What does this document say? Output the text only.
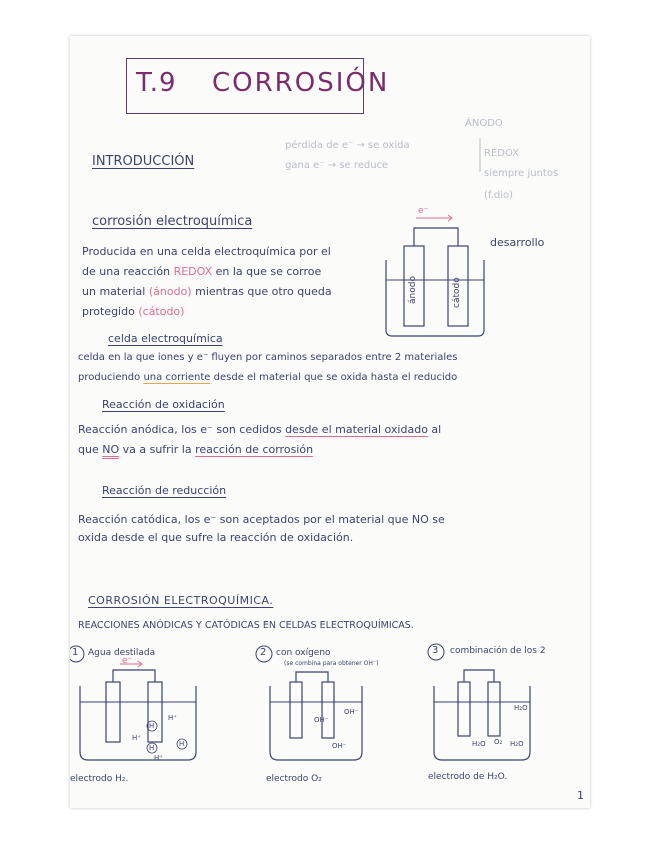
T.9 CORROSIÓN
ÁNODO
pérdida de e⁻ → se oxida
gana e⁻ → se reduce
REDOX
siempre juntos
(f.dio)
INTRODUCCIÓN
corrosión electroquímica
Producida en una celda electroquímica por el
de una reacción REDOX en la que se corroe
un material (ánodo) mientras que otro queda
protegido (cátodo)
e⁻
ánodo	cátodo
desarrollo
celda electroquímica
celda en la que iones y e⁻ fluyen por caminos separados entre 2 materiales
produciendo una corriente desde el material que se oxida hasta el reducido
Reacción de oxidación
Reacción anódica, los e⁻ son cedidos desde el material oxidado al
que NO va a sufrir la reacción de corrosión
Reacción de reducción
Reacción catódica, los e⁻ son aceptados por el material que NO se
oxida desde el que sufre la reacción de oxidación.
CORROSIÓN ELECTROQUÍMICA.
REACCIONES ANÓDICAS Y CATÓDICAS EN CELDAS ELECTROQUÍMICAS.
1 Agua destilada
e⁻
H
H	H
H⁺
H⁺
H⁺
electrodo H₂.
2 con oxígeno
(se combina para obtener OH⁻)
OH⁻
OH⁻
OH⁻
electrodo O₂
3 combinación de los 2
H₂O
H₂O	H₂O
O₂
electrodo de H₂O.
1
